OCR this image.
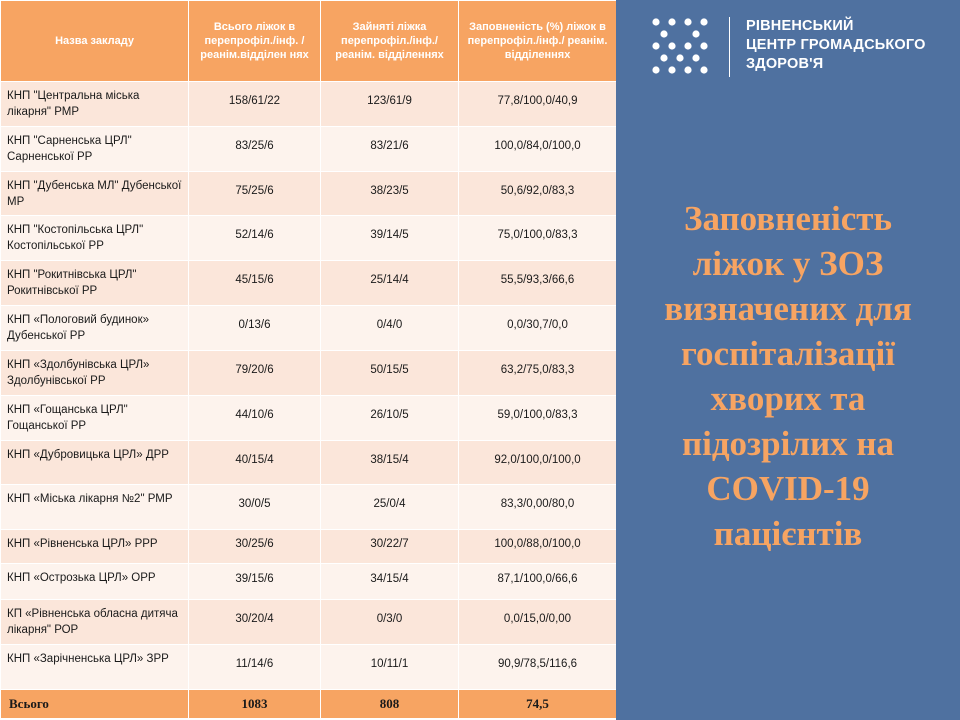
Назва закладу	Всього ліжок в перепрофіл./інф. /реанім.відділен нях	Зайняті ліжка перепрофіл./інф./ реанім. відділеннях	Заповненість (%) ліжок в перепрофіл./інф./ реанім. відділеннях
КНП "Центральна міська лікарня" РМР	158/61/22	123/61/9	77,8/100,0/40,9
КНП "Сарненська ЦРЛ" Сарненської РР	83/25/6	83/21/6	100,0/84,0/100,0
КНП "Дубенська МЛ" Дубенської МР	75/25/6	38/23/5	50,6/92,0/83,3
КНП "Костопільська ЦРЛ" Костопільської РР	52/14/6	39/14/5	75,0/100,0/83,3
КНП "Рокитнівська ЦРЛ" Рокитнівської РР	45/15/6	25/14/4	55,5/93,3/66,6
КНП «Пологовий будинок» Дубенської РР	0/13/6	0/4/0	0,0/30,7/0,0
КНП «Здолбунівська ЦРЛ» Здолбунівської РР	79/20/6	50/15/5	63,2/75,0/83,3
КНП «Гощанська ЦРЛ" Гощанської РР	44/10/6	26/10/5	59,0/100,0/83,3
КНП «Дубровицька ЦРЛ» ДРР	40/15/4	38/15/4	92,0/100,0/100,0
КНП «Міська лікарня №2" РМР	30/0/5	25/0/4	83,3/0,00/80,0
КНП «Рівненська ЦРЛ» РРР	30/25/6	30/22/7	100,0/88,0/100,0
КНП «Острозька ЦРЛ» ОРР	39/15/6	34/15/4	87,1/100,0/66,6
КП «Рівненська обласна дитяча лікарня" РОР	30/20/4	0/3/0	0,0/15,0/0,00
КНП «Зарічненська ЦРЛ» ЗРР	11/14/6	10/11/1	90,9/78,5/116,6
Всього	1083	808	74,5
РІВНЕНСЬКИЙ
ЦЕНТР ГРОМАДСЬКОГО
ЗДОРОВ'Я
Заповненість
ліжок у ЗОЗ
визначених для
госпіталізації
хворих та
підозрілих на
COVID-19
пацієнтів
